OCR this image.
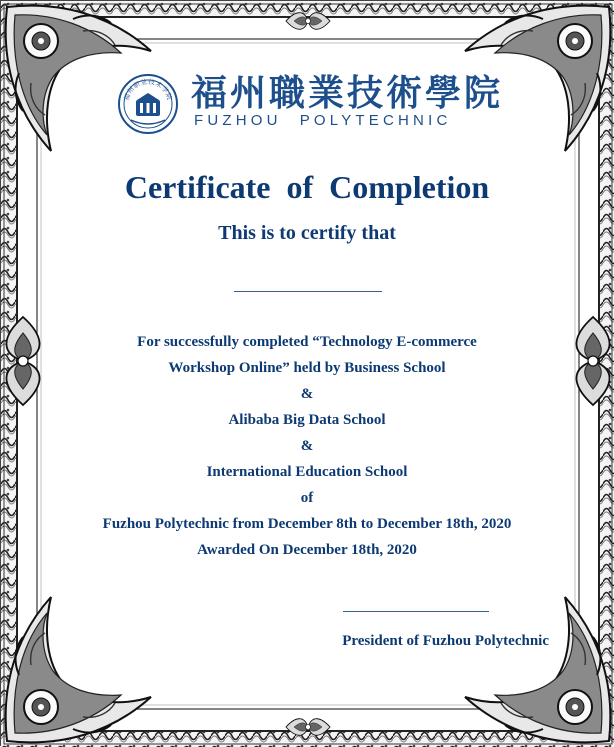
福州职业技术学院 福州職業技術學院
FUZHOU POLYTECHNIC
Certificate  of  Completion
This is to certify that
For successfully completed “Technology E-commerce
Workshop Online” held by Business School
&
Alibaba Big Data School
&
International Education School
of
Fuzhou Polytechnic from December 8th to December 18th, 2020
Awarded On December 18th, 2020
President of Fuzhou Polytechnic
